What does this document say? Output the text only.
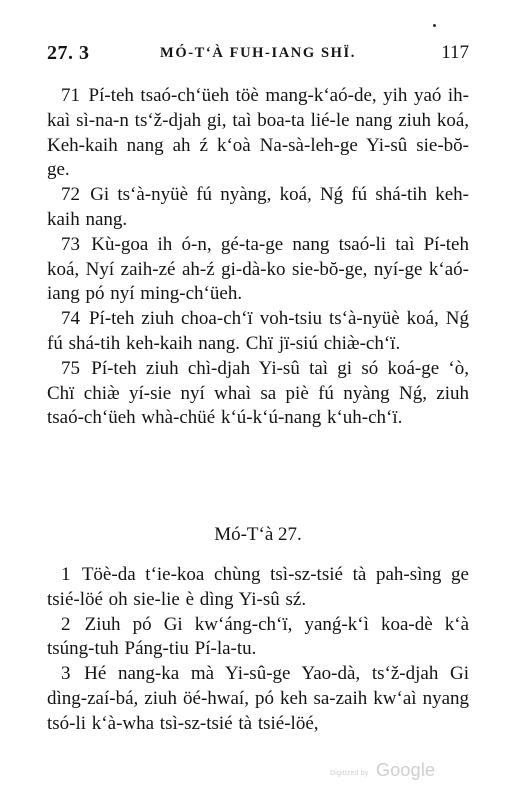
27. 3	MÓ-T‘À FUH-IANG SHÏ.	117

71 Pí-teh tsaó-ch‘üeh töè mang-k‘aó-de, yih yaó ih-kaì sì-na-n ts‘ž-djah gi, taì boa-ta lié-le nang ziuh koá, Keh-kaih nang ah ź k‘oà Na-sà-leh-ge Yi-sû sie-bŏ-ge.

72 Gi ts‘à-nyüè fú nyàng, koá, Nǵ fú shá-tih keh-kaih nang.

73 Kù-goa ih ó-n, gé-ta-ge nang tsaó-li taì Pí-teh koá, Nyí zaih-zé ah-ź gi-dà-ko sie-bŏ-ge, nyí-ge k‘aó-iang pó nyí ming-ch‘üeh.

74 Pí-teh ziuh choa-ch‘ï voh-tsiu ts‘à-nyüè koá, Nǵ fú shá-tih keh-kaih nang. Chï jï-siú chiæ̀-ch‘ï.

75 Pí-teh ziuh chì-djah Yi-sû taì gi só koá-ge ‘ò, Chï chiæ̀ yí-sie nyí whaì sa piè fú nyàng Nǵ, ziuh tsaó-ch‘üeh whà-chüé k‘ú-k‘ú-nang k‘uh-ch‘ï.

Mó-T‘à 27.

1 Töè-da t‘ie-koa chùng tsì-sz-tsié tà pah-sìng ge tsié-löé oh sie-lie è dìng Yi-sû sź.

2 Ziuh pó Gi kw‘áng-ch‘ï, yanǵ-k‘ì koa-dè k‘à tsúng-tuh Páng-tiu Pí-la-tu.

3 Hé nang-ka mà Yi-sû-ge Yao-dà, ts‘ž-djah Gi dìng-zaí-bá, ziuh öé-hwaí, pó keh sa-zaih kw‘aì nyang tsó-li k‘à-wha tsì-sz-tsié tà tsié-löé,

Digitized by Google
